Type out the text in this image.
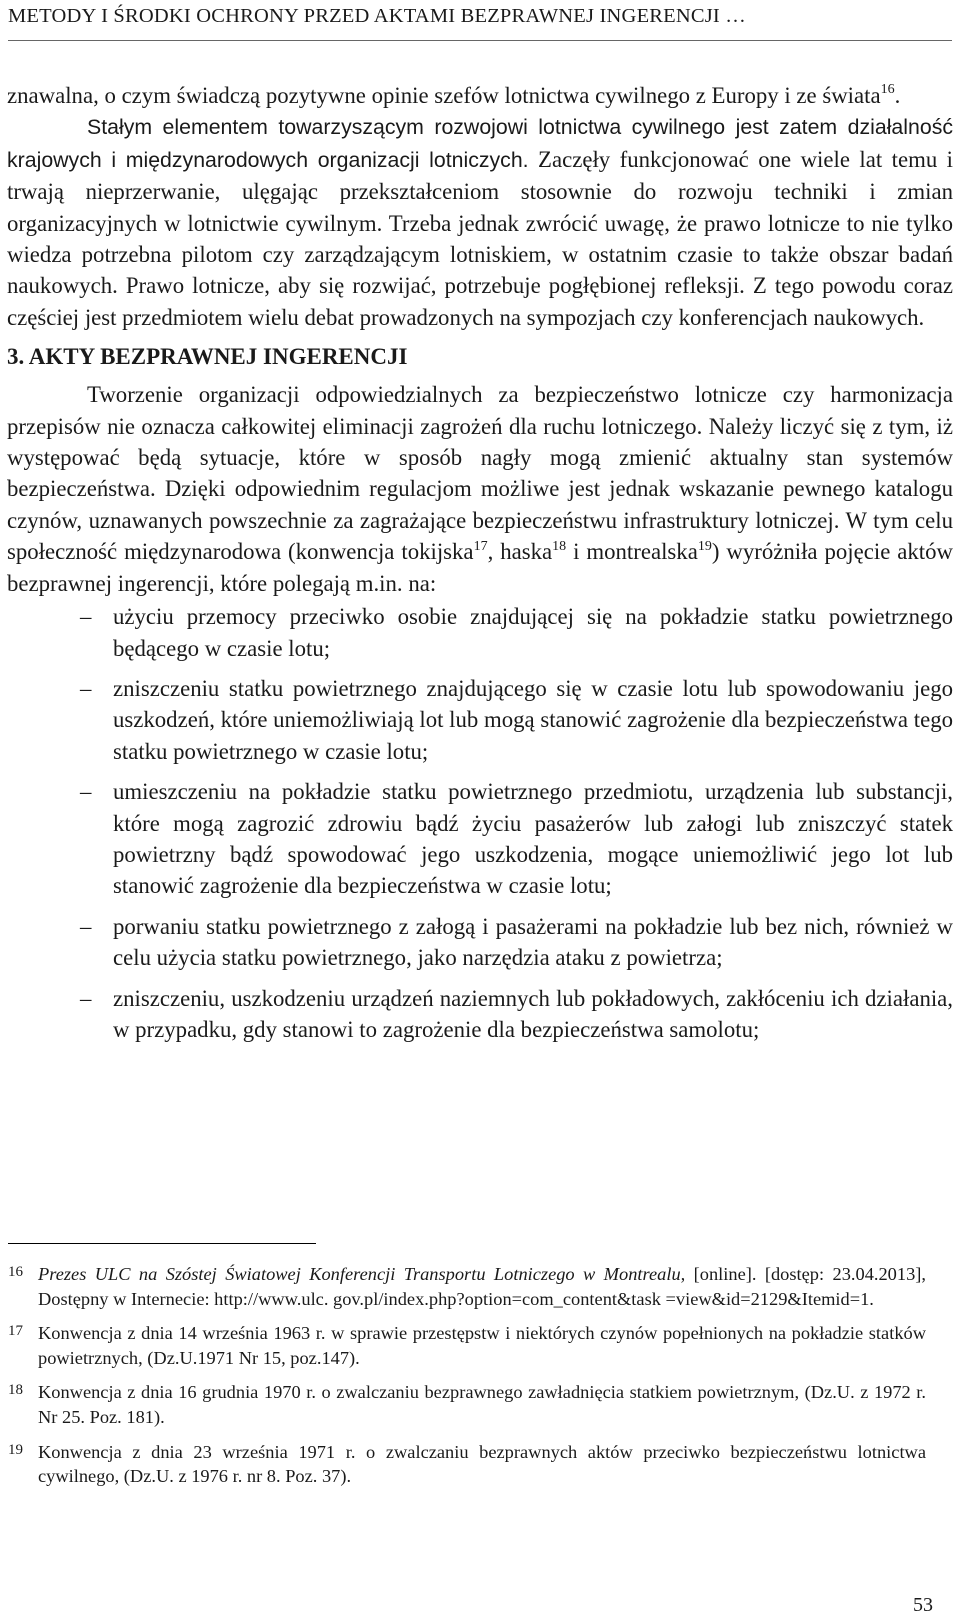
METODY I ŚRODKI OCHRONY PRZED AKTAMI BEZPRAWNEJ INGERENCJI …

znawalna, o czym świadczą pozytywne opinie szefów lotnictwa cywilnego z Europy i ze świata$^{16}$.

Stałym elementem towarzyszącym rozwojowi lotnictwa cywilnego jest zatem działalność krajowych i międzynarodowych organizacji lotniczych. Zaczęły funkcjonować one wiele lat temu i trwają nieprzerwanie, ulęgając przekształceniom stosownie do rozwoju techniki i zmian organizacyjnych w lotnictwie cywilnym. Trzeba jednak zwrócić uwagę, że prawo lotnicze to nie tylko wiedza potrzebna pilotom czy zarządzającym lotniskiem, w ostatnim czasie to także obszar badań naukowych. Prawo lotnicze, aby się rozwijać, potrzebuje pogłębionej refleksji. Z tego powodu coraz częściej jest przedmiotem wielu debat prowadzonych na sympozjach czy konferencjach naukowych.

3. AKTY BEZPRAWNEJ INGERENCJI

Tworzenie organizacji odpowiedzialnych za bezpieczeństwo lotnicze czy harmonizacja przepisów nie oznacza całkowitej eliminacji zagrożeń dla ruchu lotniczego. Należy liczyć się z tym, iż występować będą sytuacje, które w sposób nagły mogą zmienić aktualny stan systemów bezpieczeństwa. Dzięki odpowiednim regulacjom możliwe jest jednak wskazanie pewnego katalogu czynów, uznawanych powszechnie za zagrażające bezpieczeństwu infrastruktury lotniczej. W tym celu społeczność międzynarodowa (konwencja tokijska$^{17}$, haska$^{18}$ i montrealska$^{19}$) wyróżniła pojęcie aktów bezprawnej ingerencji, które polegają m.in. na:

– użyciu przemocy przeciwko osobie znajdującej się na pokładzie statku powietrznego będącego w czasie lotu;
– zniszczeniu statku powietrznego znajdującego się w czasie lotu lub spowodowaniu jego uszkodzeń, które uniemożliwiają lot lub mogą stanowić zagrożenie dla bezpieczeństwa tego statku powietrznego w czasie lotu;
– umieszczeniu na pokładzie statku powietrznego przedmiotu, urządzenia lub substancji, które mogą zagrozić zdrowiu bądź życiu pasażerów lub załogi lub zniszczyć statek powietrzny bądź spowodować jego uszkodzenia, mogące uniemożliwić jego lot lub stanowić zagrożenie dla bezpieczeństwa w czasie lotu;
– porwaniu statku powietrznego z załogą i pasażerami na pokładzie lub bez nich, również w celu użycia statku powietrznego, jako narzędzia ataku z powietrza;
– zniszczeniu, uszkodzeniu urządzeń naziemnych lub pokładowych, zakłóceniu ich działania, w przypadku, gdy stanowi to zagrożenie dla bezpieczeństwa samolotu;
16 Prezes ULC na Szóstej Światowej Konferencji Transportu Lotniczego w Montrealu, [online]. [dostęp: 23.04.2013], Dostępny w Internecie: http://www.ulc. gov.pl/index.php?option=com_content&task =view&id=2129&Itemid=1.
17 Konwencja z dnia 14 września 1963 r. w sprawie przestępstw i niektórych czynów popełnionych na pokładzie statków powietrznych, (Dz.U.1971 Nr 15, poz.147).
18 Konwencja z dnia 16 grudnia 1970 r. o zwalczaniu bezprawnego zawładnięcia statkiem powietrznym, (Dz.U. z 1972 r. Nr 25. Poz. 181).
19 Konwencja z dnia 23 września 1971 r. o zwalczaniu bezprawnych aktów przeciwko bezpieczeństwu lotnictwa cywilnego, (Dz.U. z 1976 r. nr 8. Poz. 37).
53
